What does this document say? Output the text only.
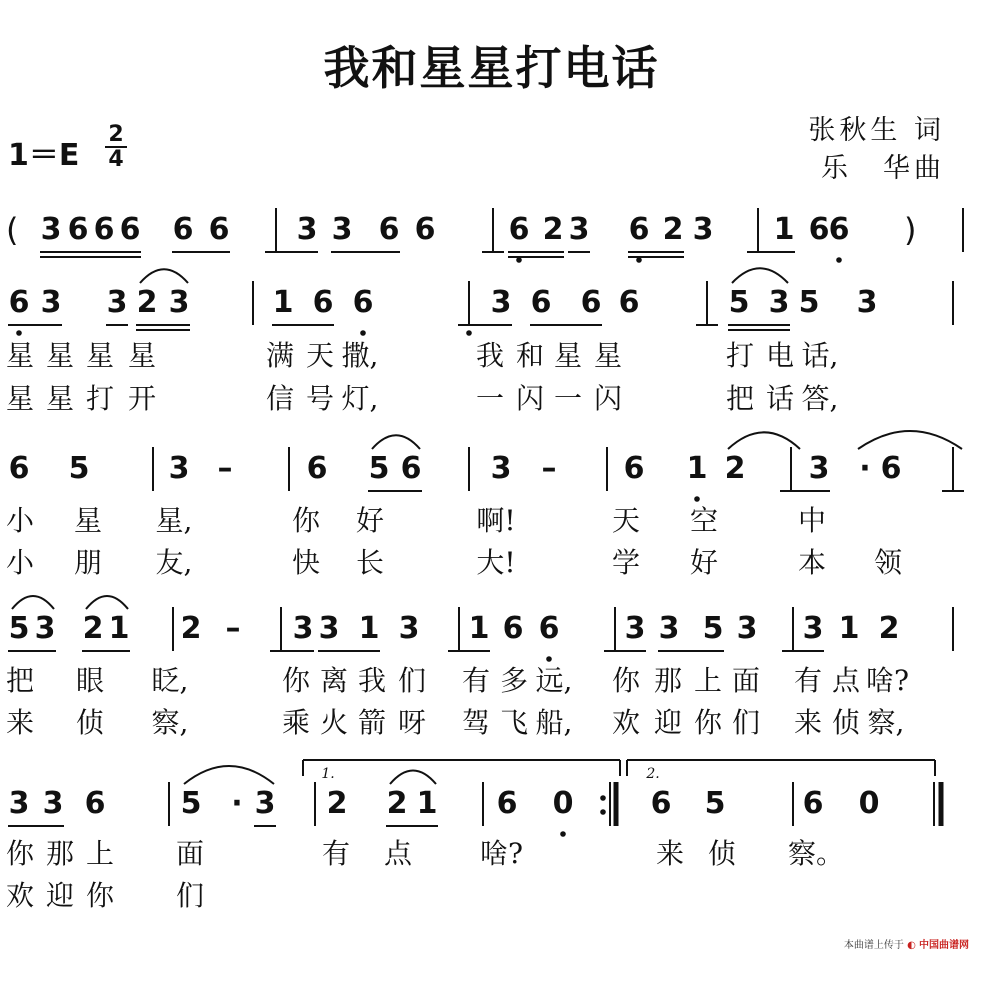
我和星星打电话
张秋生 词
乐　华曲
1＝E
2
4
( 3 6 6 6 6 6 3 3 6 6 6 2 3 6 2 3 1 6 6 )
6 3 3 2 3	1 6 6	3 6 6 6	5 3 5 3
星 星 星 星	满 天 撒,	我 和 星 星	打 电 话,
星 星 打 开	信 号 灯,	一 闪 一 闪	把 话 答,
6 5	3 – 6 5 6 3 – 6 1 2 3 · 6
小 星 星,	你 好	啊!	天 空	中
小 朋 友,	快 长	大!	学 好	本 领
5 3 2 1 2 – 3 3 1 3 1 6 6 3 3 5 3 3 1 2
把 眼 眨,	你 离 我 们 有 多 远, 你 那 上 面 有 点 啥?
来 侦 察,	乘 火 箭 呀 驾 飞 船, 欢 迎 你 们 来 侦 察,
3 3 6	5 · 3 2 2 1 6 0	6 5	6 0
你 那 上 面	有 点 啥?	来 侦 察。
欢 迎 你 们
1.	2.
本曲谱上传于 ◐ 中国曲谱网
